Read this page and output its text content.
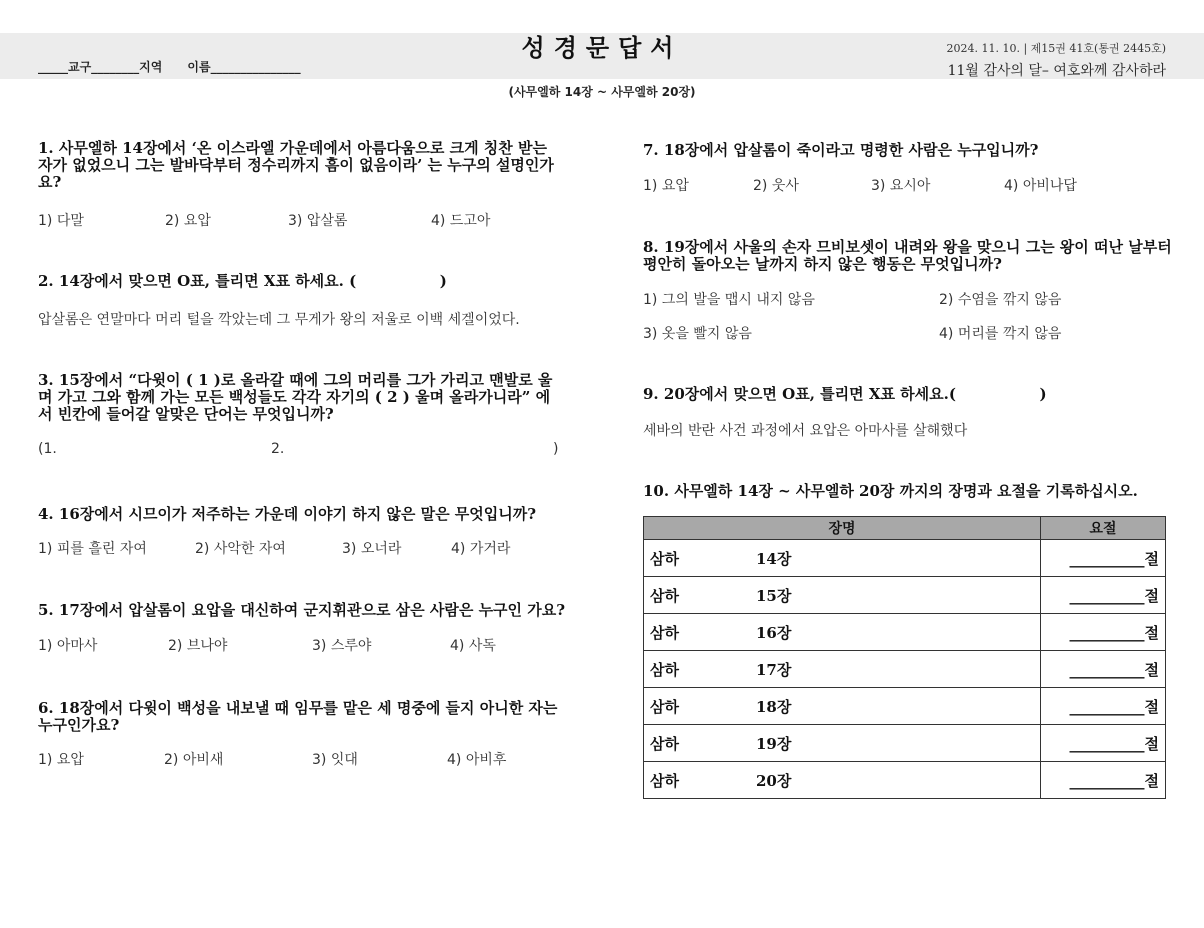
성경문답서
_____교구________지역      이름_______________
2024. 11. 10. | 제15권 41호(통권 2445호)
11월 감사의 달– 여호와께 감사하라
(사무엘하 14장 ~ 사무엘하 20장)
1. 사무엘하 14장에서 ‘온 이스라엘 가운데에서 아름다움으로 크게 칭찬 받는
자가 없었으니 그는 발바닥부터 정수리까지 흠이 없음이라’ 는 누구의 설명인가
요?
1) 다말	2) 요압	3) 압살롬	4) 드고아
2. 14장에서 맞으면 O표, 틀리면 X표 하세요. (                )
압살롬은 연말마다 머리 털을 깍았는데 그 무게가 왕의 저울로 이백 세겔이었다.
3. 15장에서 “다윗이 ( 1 )로 올라갈 때에 그의 머리를 그가 가리고 맨발로 울
며 가고 그와 함께 가는 모든 백성들도 각각 자기의 ( 2 ) 울며 올라가니라” 에
서 빈칸에 들어갈 알맞은 단어는 무엇입니까?
(1.	2.	)
4. 16장에서 시므이가 저주하는 가운데 이야기 하지 않은 말은 무엇입니까?
1) 피를 흘린 자여	2) 사악한 자여	3) 오너라	4) 가거라
5. 17장에서 압살롬이 요압을 대신하여 군지휘관으로 삼은 사람은 누구인 가요?
1) 아마사	2) 브나야	3) 스루야	4) 사독
6. 18장에서 다윗이 백성을 내보낼 때 임무를 맡은 세 명중에 들지 아니한 자는
누구인가요?
1) 요압	2) 아비새	3) 잇대	4) 아비후
7. 18장에서 압살롬이 죽이라고 명령한 사람은 누구입니까?
1) 요압	2) 웃사	3) 요시아	4) 아비나답
8. 19장에서 사울의 손자 므비보셋이 내려와 왕을 맞으니 그는 왕이 떠난 날부터
평안히 돌아오는 날까지 하지 않은 행동은 무엇입니까?
1) 그의 발을 맵시 내지 않음	2) 수염을 깎지 않음
3) 옷을 빨지 않음	4) 머리를 깍지 않음
9. 20장에서 맞으면 O표, 틀리면 X표 하세요.(                )
세바의 반란 사건 과정에서 요압은 아마사를 살해했다
10. 사무엘하 14장 ~ 사무엘하 20장 까지의 장명과 요절을 기록하십시오.
장명	요절
삼하 14장	__________절
삼하 15장	__________절
삼하 16장	__________절
삼하 17장	__________절
삼하 18장	__________절
삼하 19장	__________절
삼하 20장	__________절
